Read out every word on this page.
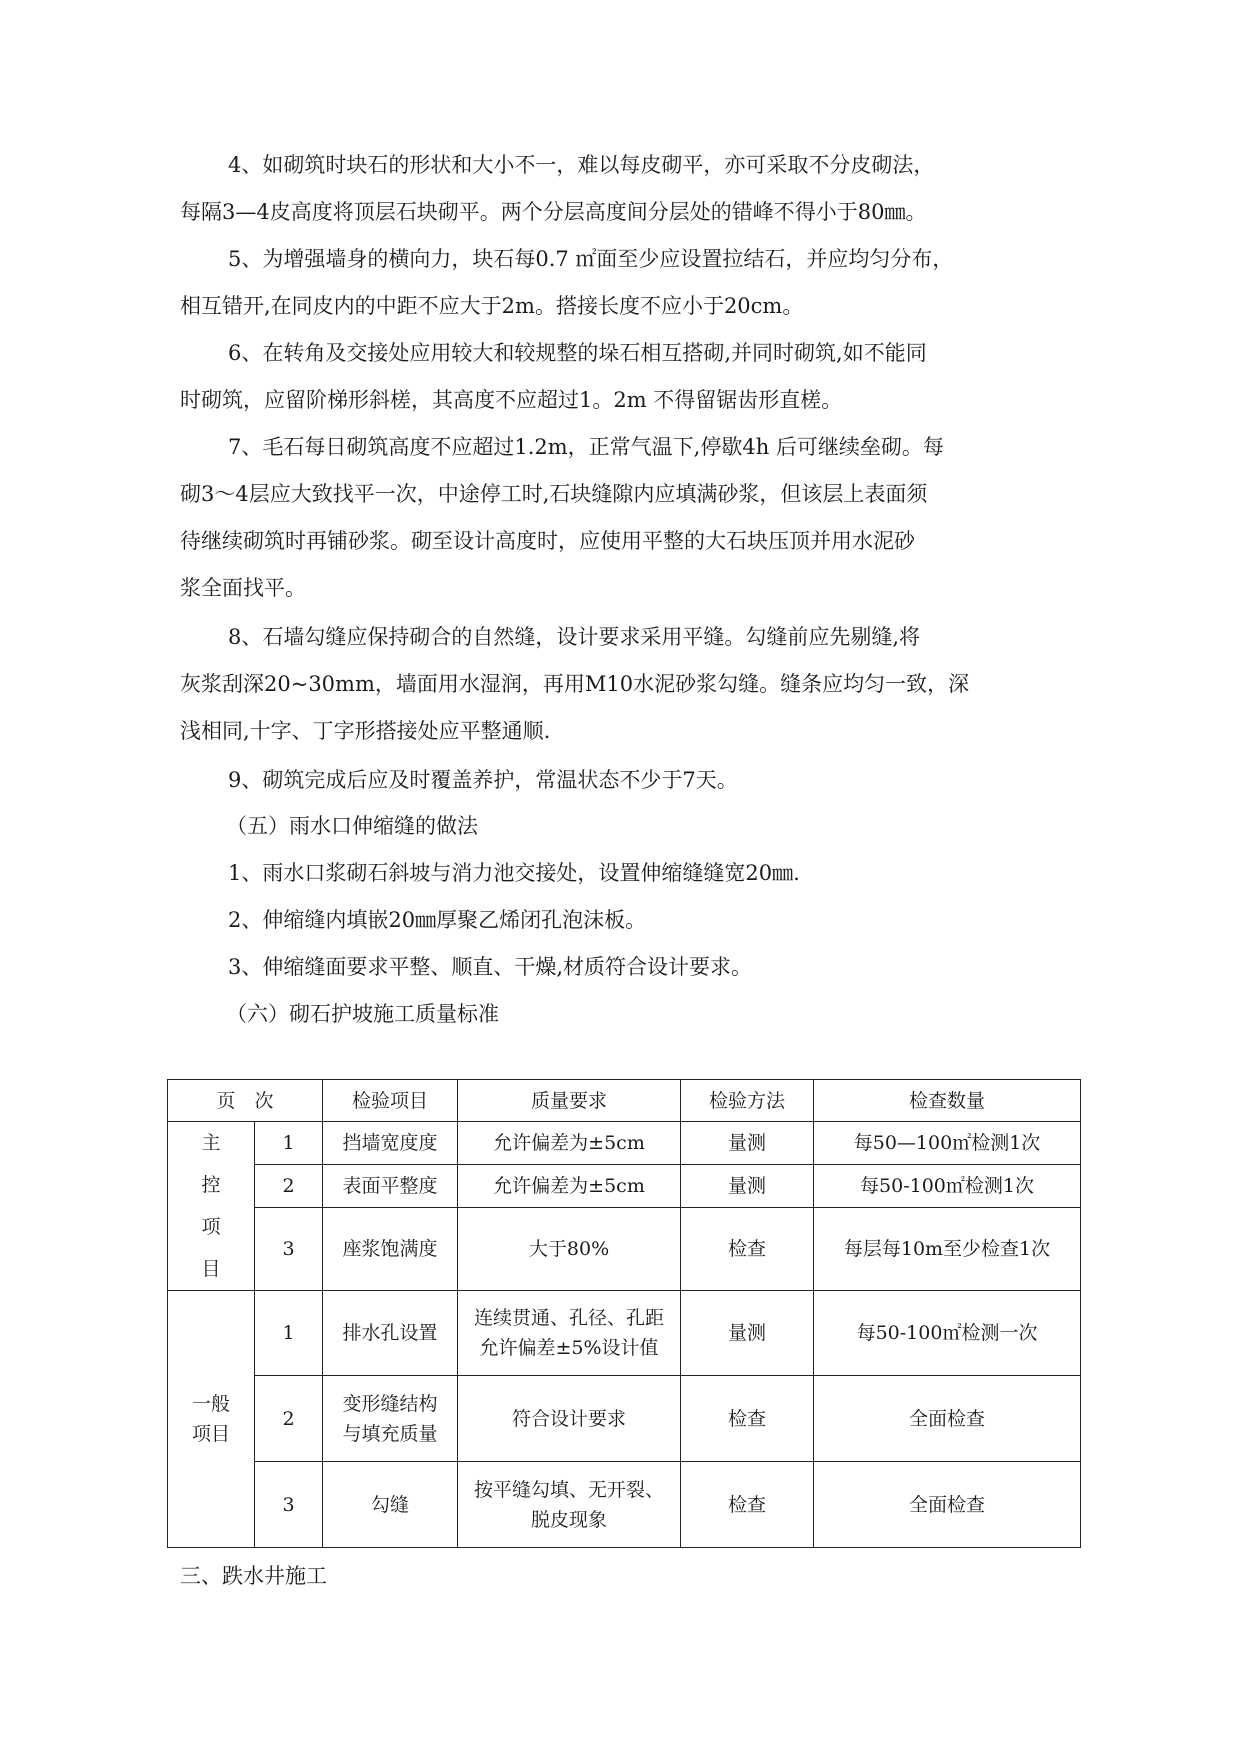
4、如砌筑时块石的形状和大小不一，难以每皮砌平，亦可采取不分皮砌法，
每隔3—4皮高度将顶层石块砌平。两个分层高度间分层处的错峰不得小于80㎜。

5、为增强墙身的横向力，块石每0.7 ㎡面至少应设置拉结石，并应均匀分布，
相互错开,在同皮内的中距不应大于2m。搭接长度不应小于20cm。

6、在转角及交接处应用较大和较规整的垛石相互搭砌,并同时砌筑,如不能同
时砌筑，应留阶梯形斜槎，其高度不应超过1。2m 不得留锯齿形直槎。

7、毛石每日砌筑高度不应超过1.2m，正常气温下,停歇4h 后可继续垒砌。每
砌3～4层应大致找平一次，中途停工时,石块缝隙内应填满砂浆，但该层上表面须
待继续砌筑时再铺砂浆。砌至设计高度时，应使用平整的大石块压顶并用水泥砂
浆全面找平。

8、石墙勾缝应保持砌合的自然缝，设计要求采用平缝。勾缝前应先剔缝,将
灰浆刮深20~30mm，墙面用水湿润，再用M10水泥砂浆勾缝。缝条应均匀一致，深
浅相同,十字、丁字形搭接处应平整通顺.

9、砌筑完成后应及时覆盖养护，常温状态不少于7天。

（五）雨水口伸缩缝的做法

1、雨水口浆砌石斜坡与消力池交接处，设置伸缩缝缝宽20㎜.

2、伸缩缝内填嵌20㎜厚聚乙烯闭孔泡沫板。

3、伸缩缝面要求平整、顺直、干燥,材质符合设计要求。

（六）砌石护坡施工质量标准

页　次		检验项目	质量要求	检验方法	检查数量

主
控
项
目	1	挡墙宽度度	允许偏差为±5cm	量测	每50—100㎡检测1次
	2	表面平整度	允许偏差为±5cm	量测	每50-100㎡检测1次
	3	座浆饱满度	大于80%	检查	每层每10m至少检查1次

一般
项目	1	排水孔设置	连续贯通、孔径、孔距
允许偏差±5%设计值	量测	每50-100㎡检测一次
	2	变形缝结构
与填充质量	符合设计要求	检查	全面检查
	3	勾缝	按平缝勾填、无开裂、
脱皮现象	检查	全面检查

三、跌水井施工
